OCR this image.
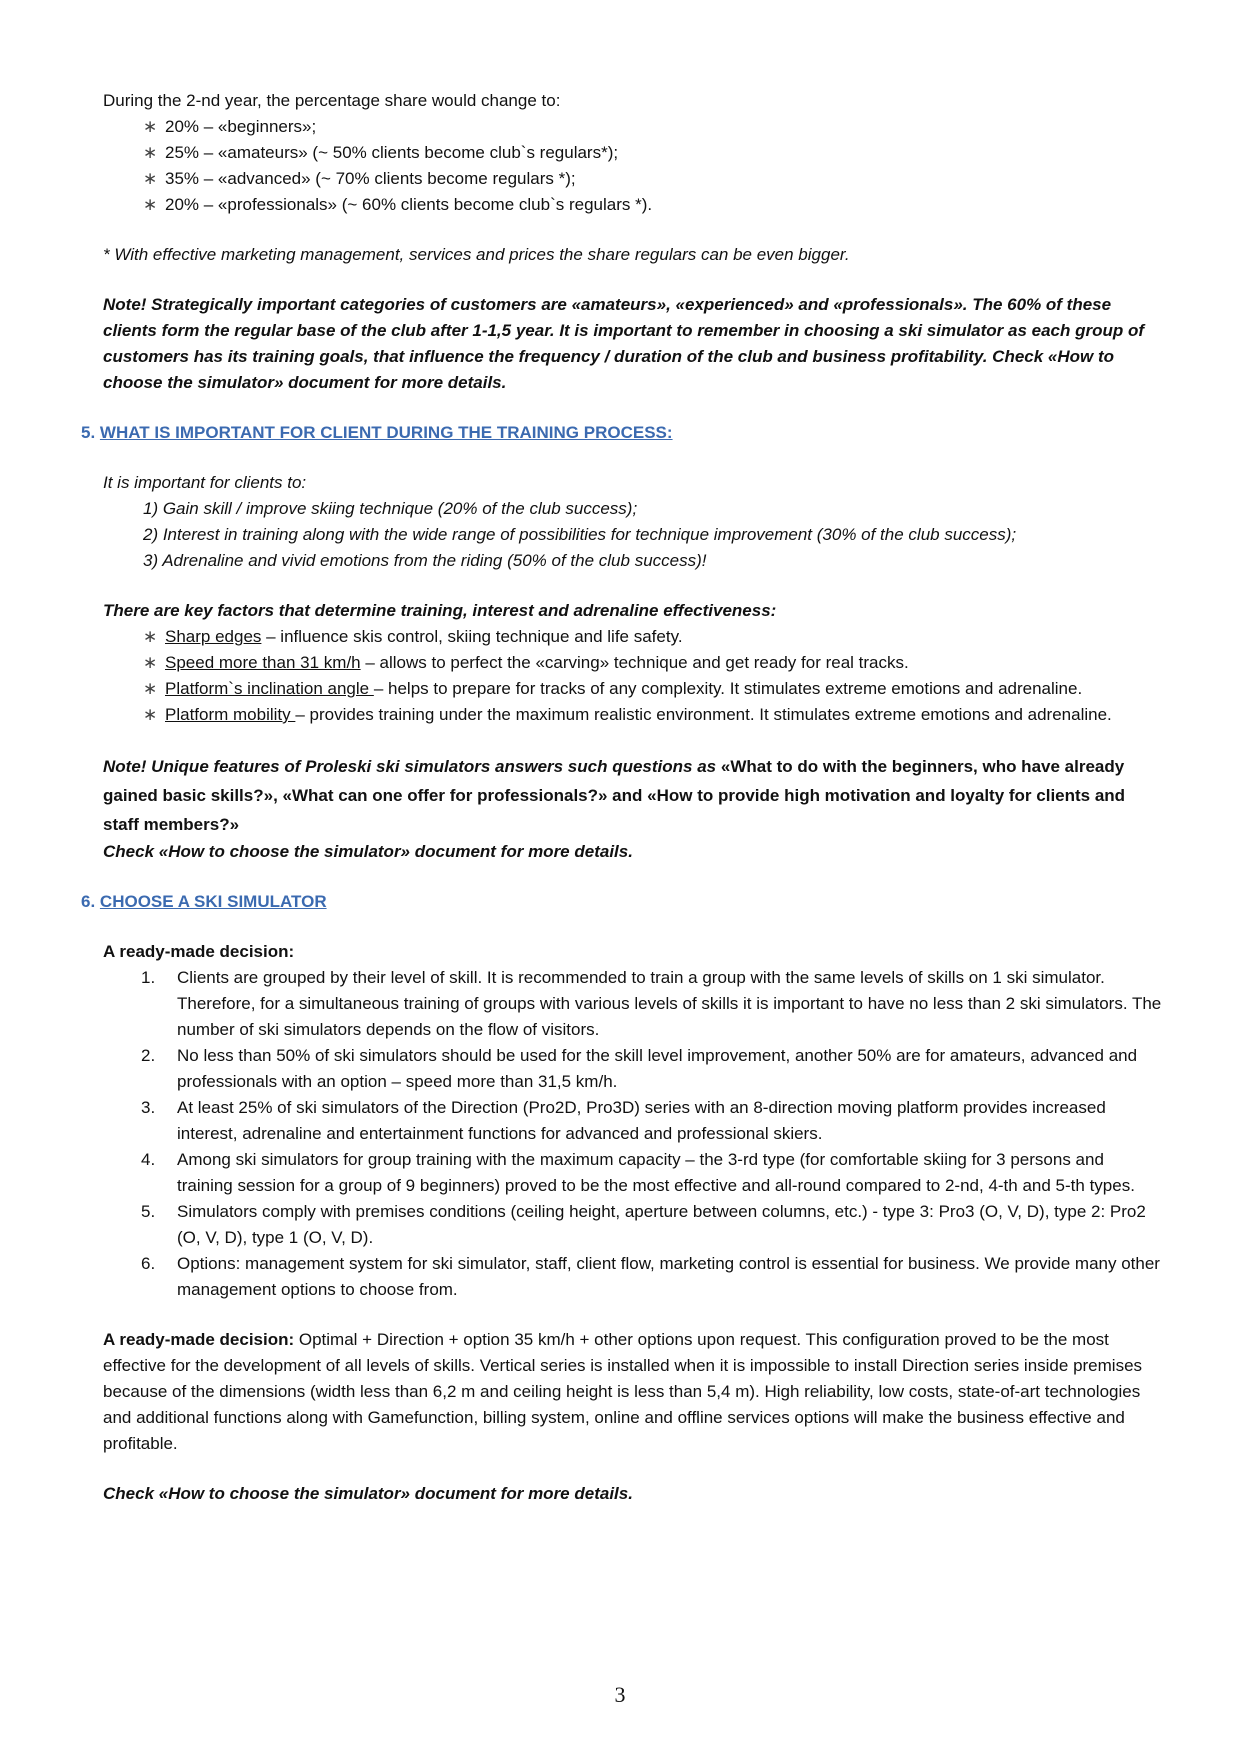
During the 2-nd year, the percentage share would change to:

∗ 20% – «beginners»;
∗ 25% – «amateurs» (~ 50% clients become club`s regulars*);
∗ 35% – «advanced» (~ 70% clients become regulars *);
∗ 20% – «professionals» (~ 60% clients become club`s regulars *).

* With effective marketing management, services and prices the share regulars can be even bigger.

Note! Strategically important categories of customers are «amateurs», «experienced» and «professionals». The 60% of these clients form the regular base of the club after 1-1,5 year. It is important to remember in choosing a ski simulator as each group of customers has its training goals, that influence the frequency / duration of the club and business profitability. Check «How to choose the simulator» document for more details.

5. WHAT IS IMPORTANT FOR CLIENT DURING THE TRAINING PROCESS:

It is important for clients to:

1) Gain skill / improve skiing technique (20% of the club success);
2) Interest in training along with the wide range of possibilities for technique improvement (30% of the club success);
3) Adrenaline and vivid emotions from the riding (50% of the club success)!

There are key factors that determine training, interest and adrenaline effectiveness:

∗ Sharp edges – influence skis control, skiing technique and life safety.
∗ Speed more than 31 km/h – allows to perfect the «carving» technique and get ready for real tracks.
∗ Platform`s inclination angle – helps to prepare for tracks of any complexity. It stimulates extreme emotions and adrenaline.
∗ Platform mobility – provides training under the maximum realistic environment. It stimulates extreme emotions and adrenaline.

Note! Unique features of Proleski ski simulators answers such questions as «What to do with the beginners, who have already gained basic skills?», «What can one offer for professionals?» and «How to provide high motivation and loyalty for clients and staff members?»

Check «How to choose the simulator» document for more details.

6. CHOOSE A SKI SIMULATOR

A ready-made decision:

1. Clients are grouped by their level of skill. It is recommended to train a group with the same levels of skills on 1 ski simulator. Therefore, for a simultaneous training of groups with various levels of skills it is important to have no less than 2 ski simulators. The number of ski simulators depends on the flow of visitors.
2. No less than 50% of ski simulators should be used for the skill level improvement, another 50% are for amateurs, advanced and professionals with an option – speed more than 31,5 km/h.
3. At least 25% of ski simulators of the Direction (Pro2D, Pro3D) series with an 8-direction moving platform provides increased interest, adrenaline and entertainment functions for advanced and professional skiers.
4. Among ski simulators for group training with the maximum capacity – the 3-rd type (for comfortable skiing for 3 persons and training session for a group of 9 beginners) proved to be the most effective and all-round compared to 2-nd, 4-th and 5-th types.
5. Simulators comply with premises conditions (ceiling height, aperture between columns, etc.) - type 3: Pro3 (O, V, D), type 2: Pro2 (O, V, D), type 1 (O, V, D).
6. Options: management system for ski simulator, staff, client flow, marketing control is essential for business. We provide many other management options to choose from.

A ready-made decision: Optimal + Direction + option 35 km/h + other options upon request. This configuration proved to be the most effective for the development of all levels of skills. Vertical series is installed when it is impossible to install Direction series inside premises because of the dimensions (width less than 6,2 m and ceiling height is less than 5,4 m). High reliability, low costs, state-of-art technologies and additional functions along with Gamefunction, billing system, online and offline services options will make the business effective and profitable.

Check «How to choose the simulator» document for more details.

3
